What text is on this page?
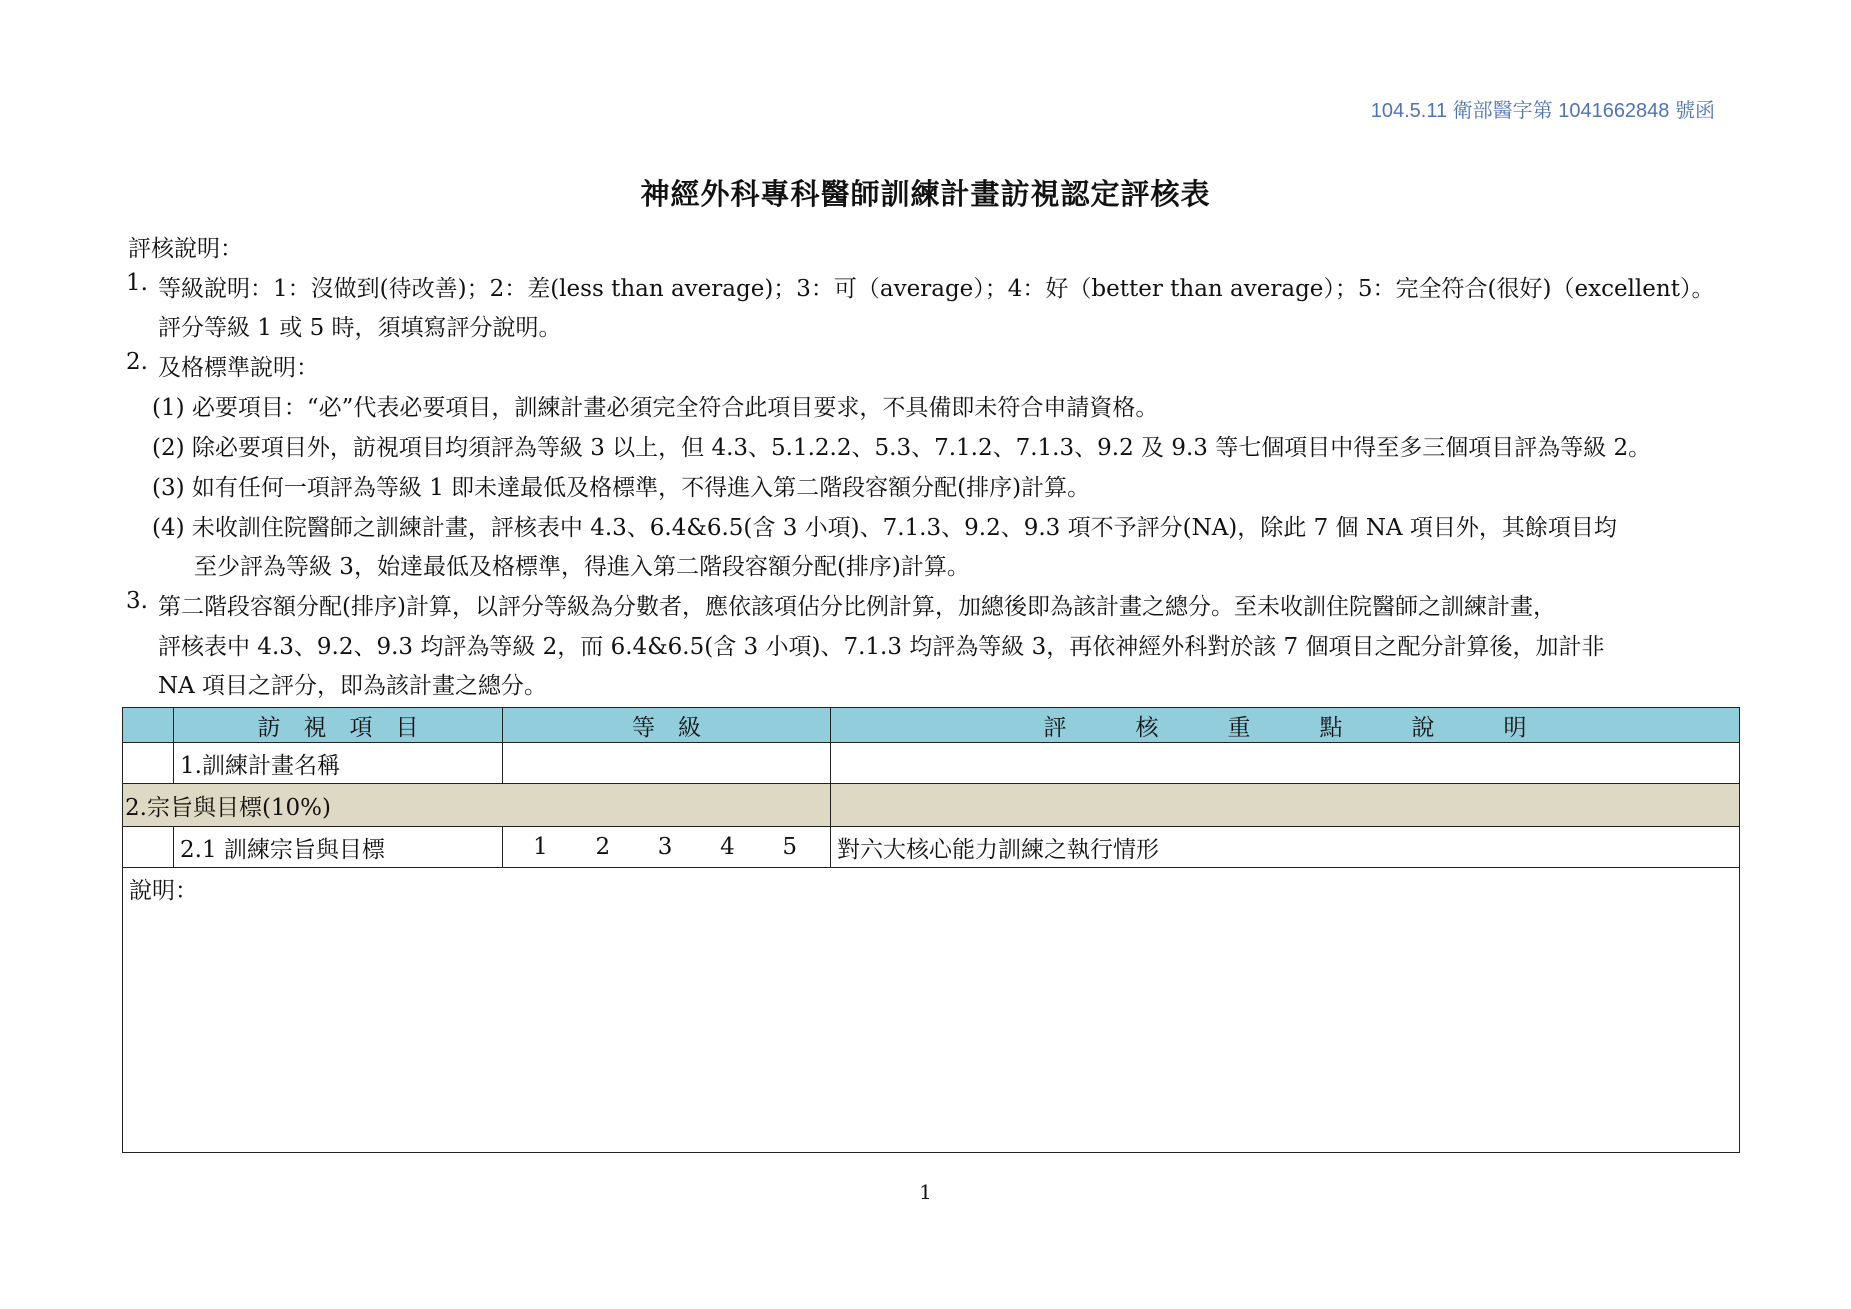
104.5.11 衛部醫字第 1041662848 號函
神經外科專科醫師訓練計畫訪視認定評核表
評核說明：
1. 等級說明：1：沒做到(待改善)；2：差(less than average)；3：可（average）；4：好（better than average）；5：完全符合(很好)（excellent）。
評分等級 1 或 5 時，須填寫評分說明。
2. 及格標準說明：
(1) 必要項目：“必”代表必要項目，訓練計畫必須完全符合此項目要求，不具備即未符合申請資格。
(2) 除必要項目外，訪視項目均須評為等級 3 以上，但 4.3、5.1.2.2、5.3、7.1.2、7.1.3、9.2 及 9.3 等七個項目中得至多三個項目評為等級 2。
(3) 如有任何一項評為等級 1 即未達最低及格標準，不得進入第二階段容額分配(排序)計算。
(4) 未收訓住院醫師之訓練計畫，評核表中 4.3、6.4&6.5(含 3 小項)、7.1.3、9.2、9.3 項不予評分(NA)，除此 7 個 NA 項目外，其餘項目均
至少評為等級 3，始達最低及格標準，得進入第二階段容額分配(排序)計算。
3. 第二階段容額分配(排序)計算，以評分等級為分數者，應依該項佔分比例計算，加總後即為該計畫之總分。至未收訓住院醫師之訓練計畫，
評核表中 4.3、9.2、9.3 均評為等級 2，而 6.4&6.5(含 3 小項)、7.1.3 均評為等級 3，再依神經外科對於該 7 個項目之配分計算後，加計非
NA 項目之評分，即為該計畫之總分。
	訪　視　項　目	等　級	評　　　核　　　重　　　點　　　說　　　明
	1.訓練計畫名稱		
2.宗旨與目標(10%)			
	2.1 訓練宗旨與目標	1 2 3 4 5	對六大核心能力訓練之執行情形
說明：			
1
